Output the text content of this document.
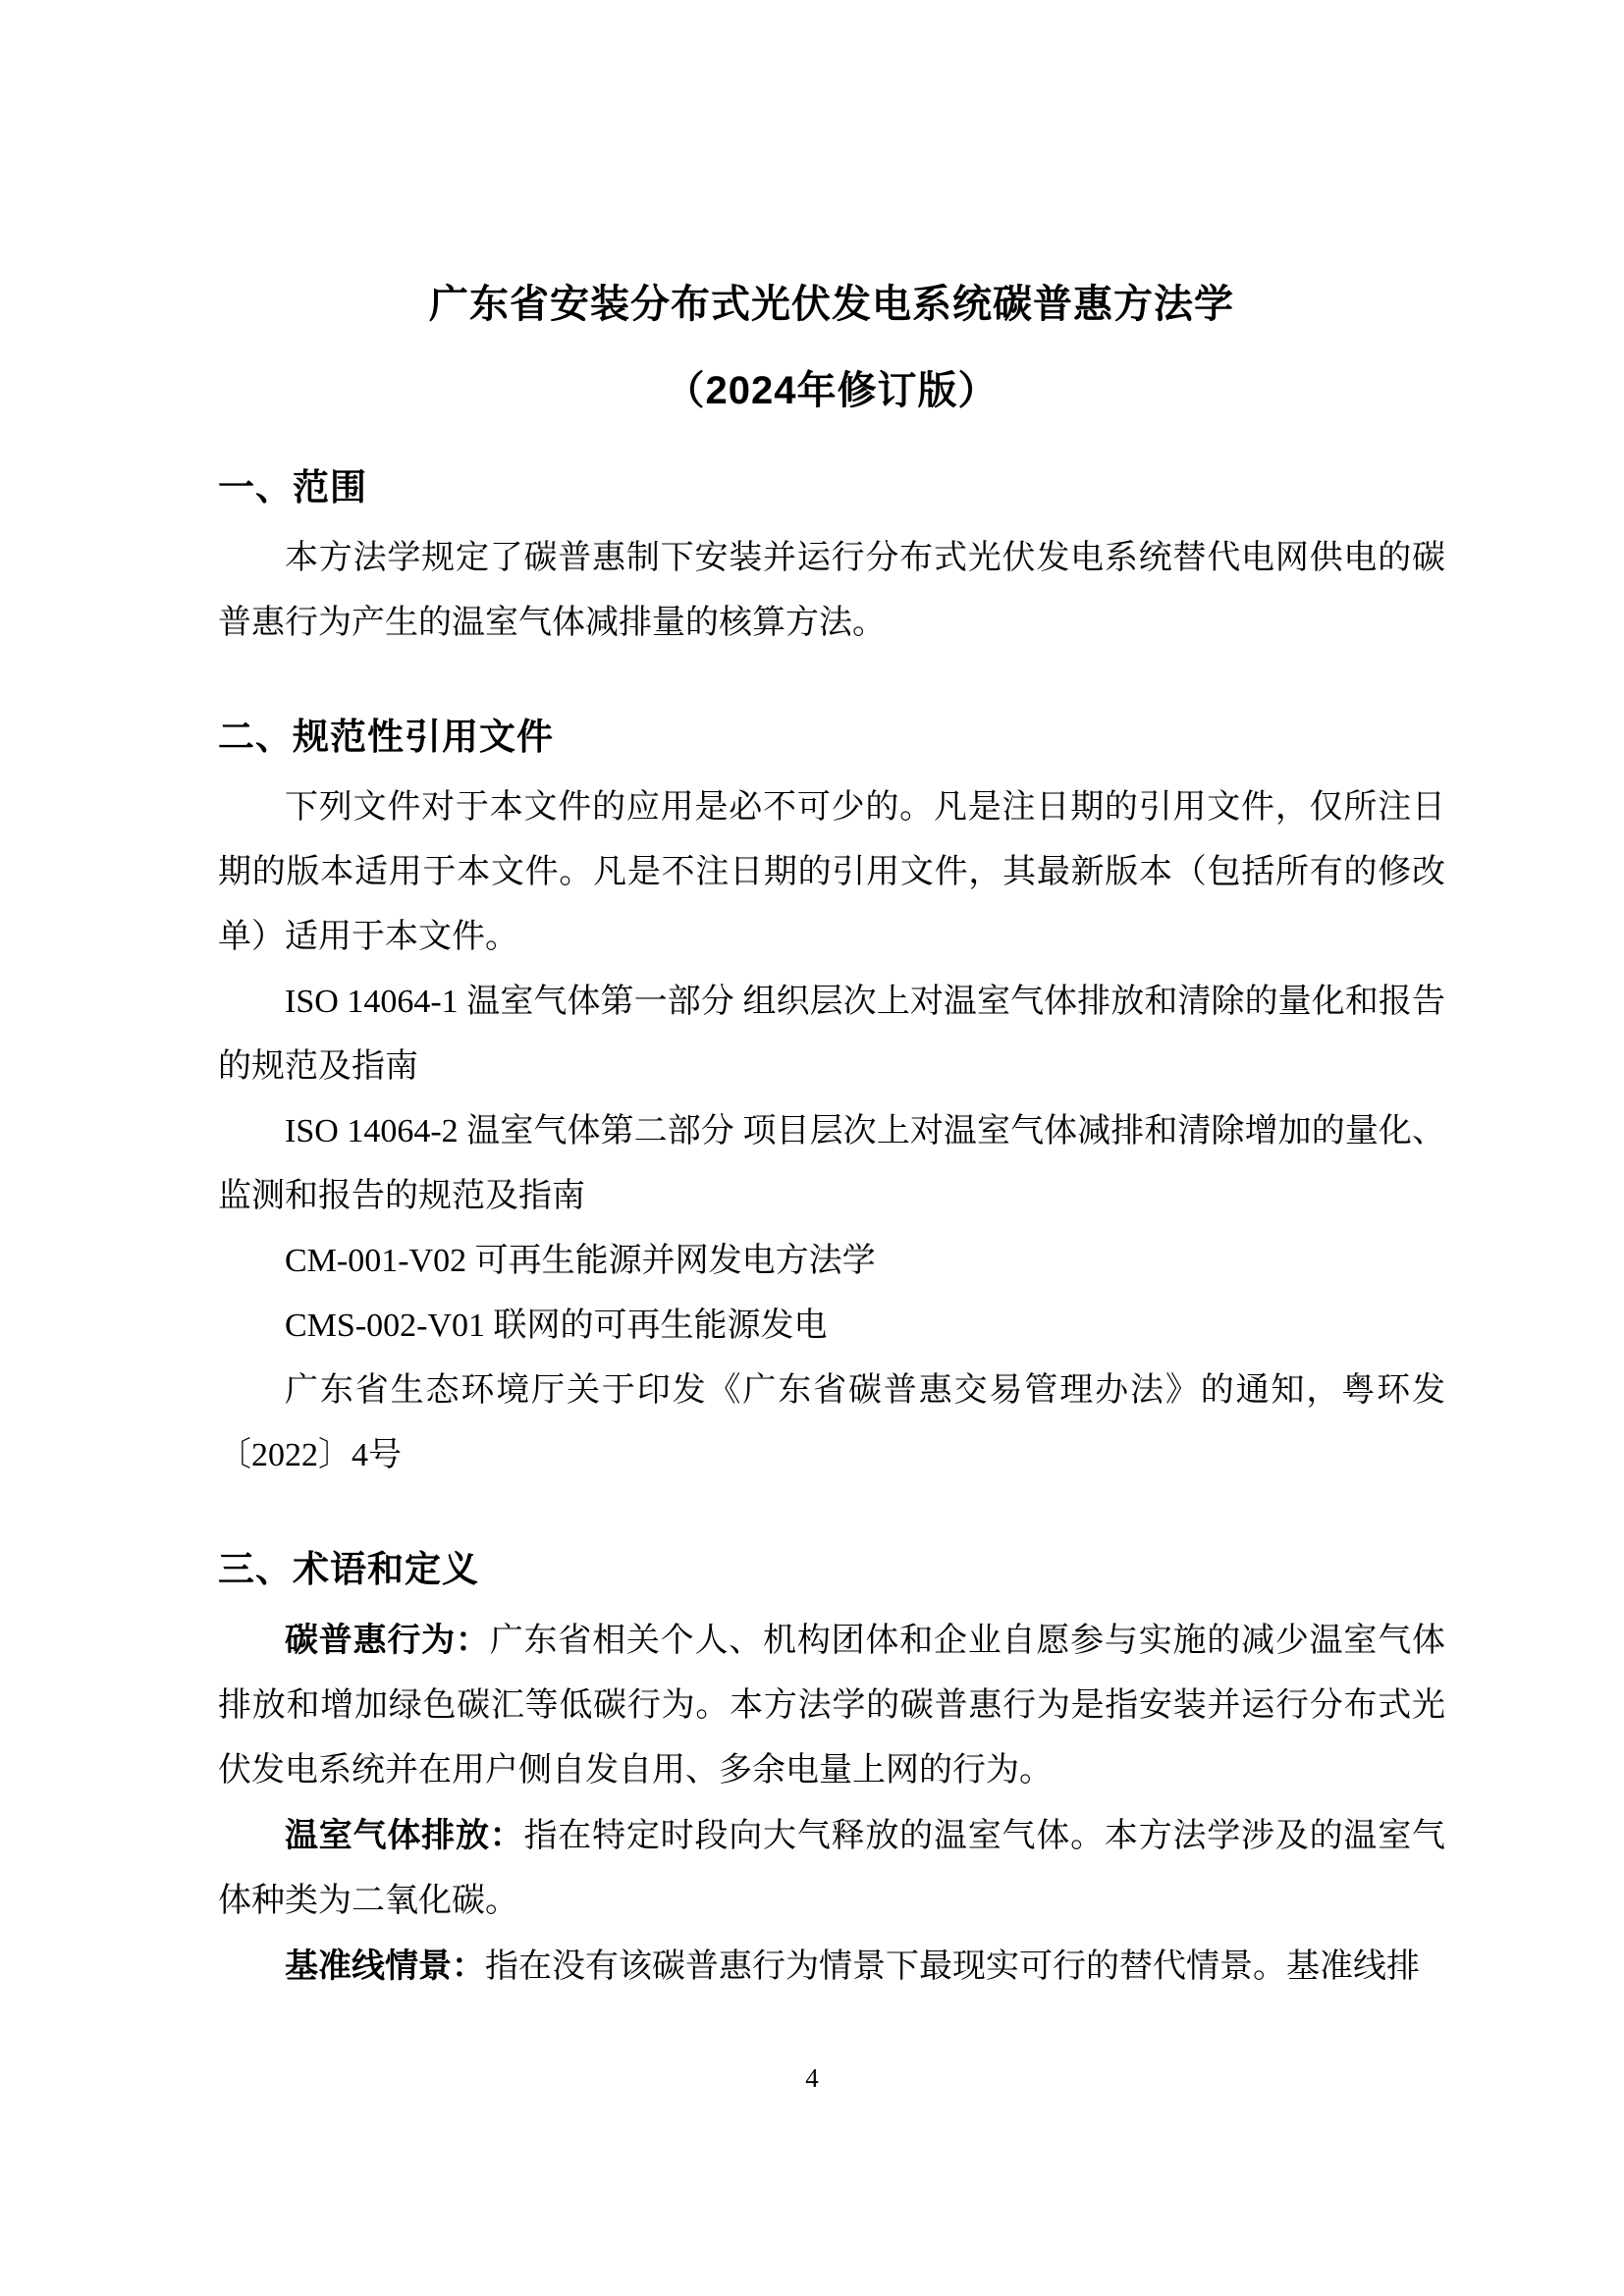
广东省安装分布式光伏发电系统碳普惠方法学
（2024年修订版）
一、范围

本方法学规定了碳普惠制下安装并运行分布式光伏发电系统替代电网供电的碳普惠行为产生的温室气体减排量的核算方法。

二、规范性引用文件

下列文件对于本文件的应用是必不可少的。凡是注日期的引用文件，仅所注日期的版本适用于本文件。凡是不注日期的引用文件，其最新版本（包括所有的修改单）适用于本文件。

ISO 14064-1 温室气体第一部分 组织层次上对温室气体排放和清除的量化和报告的规范及指南

ISO 14064-2 温室气体第二部分 项目层次上对温室气体减排和清除增加的量化、监测和报告的规范及指南

CM-001-V02 可再生能源并网发电方法学

CMS-002-V01 联网的可再生能源发电

广东省生态环境厅关于印发《广东省碳普惠交易管理办法》的通知，粤环发〔2022〕4号

三、术语和定义

碳普惠行为：广东省相关个人、机构团体和企业自愿参与实施的减少温室气体排放和增加绿色碳汇等低碳行为。本方法学的碳普惠行为是指安装并运行分布式光伏发电系统并在用户侧自发自用、多余电量上网的行为。

温室气体排放：指在特定时段向大气释放的温室气体。本方法学涉及的温室气体种类为二氧化碳。

基准线情景：指在没有该碳普惠行为情景下最现实可行的替代情景。基准线排

4
